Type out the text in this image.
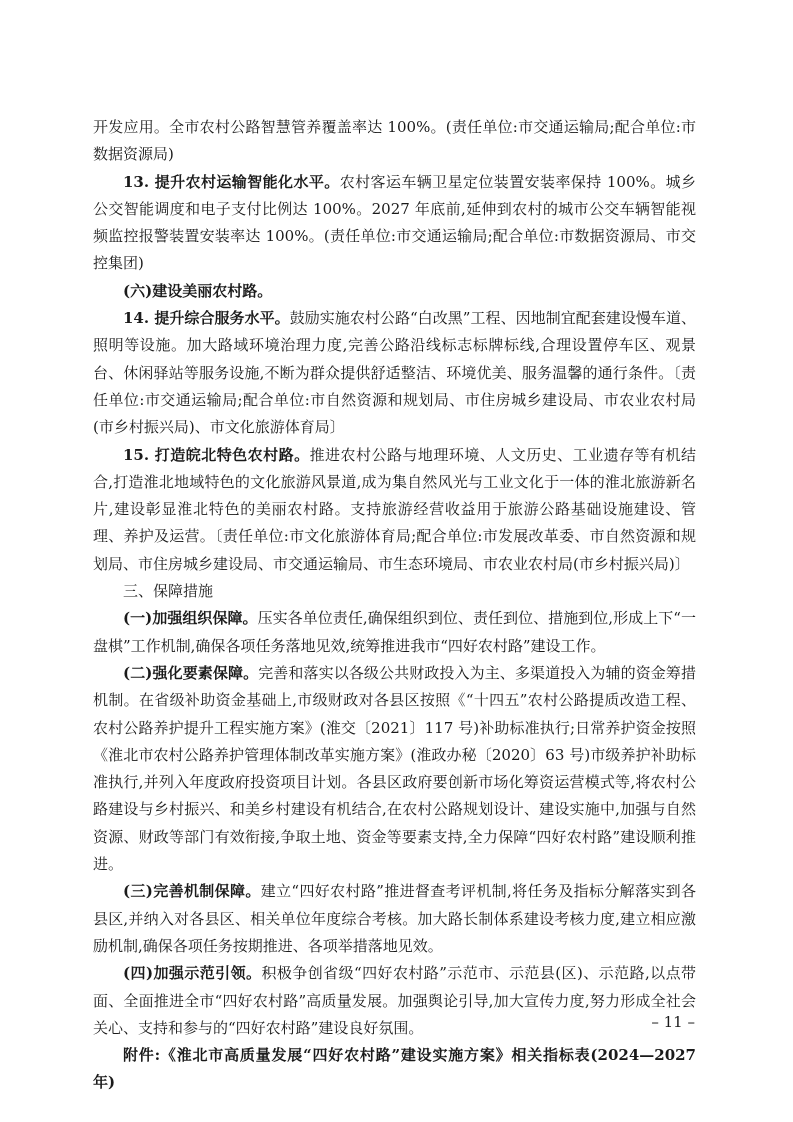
开发应用。全市农村公路智慧管养覆盖率达 100%。(责任单位:市交通运输局;配合单位:市数据资源局)

13. 提升农村运输智能化水平。农村客运车辆卫星定位装置安装率保持 100%。城乡公交智能调度和电子支付比例达 100%。2027 年底前,延伸到农村的城市公交车辆智能视频监控报警装置安装率达 100%。(责任单位:市交通运输局;配合单位:市数据资源局、市交控集团)

(六)建设美丽农村路。

14. 提升综合服务水平。鼓励实施农村公路“白改黑”工程、因地制宜配套建设慢车道、照明等设施。加大路域环境治理力度,完善公路沿线标志标牌标线,合理设置停车区、观景台、休闲驿站等服务设施,不断为群众提供舒适整洁、环境优美、服务温馨的通行条件。〔责任单位:市交通运输局;配合单位:市自然资源和规划局、市住房城乡建设局、市农业农村局(市乡村振兴局)、市文化旅游体育局〕

15. 打造皖北特色农村路。推进农村公路与地理环境、人文历史、工业遗存等有机结合,打造淮北地域特色的文化旅游风景道,成为集自然风光与工业文化于一体的淮北旅游新名片,建设彰显淮北特色的美丽农村路。支持旅游经营收益用于旅游公路基础设施建设、管理、养护及运营。〔责任单位:市文化旅游体育局;配合单位:市发展改革委、市自然资源和规划局、市住房城乡建设局、市交通运输局、市生态环境局、市农业农村局(市乡村振兴局)〕

三、保障措施

(一)加强组织保障。压实各单位责任,确保组织到位、责任到位、措施到位,形成上下“一盘棋”工作机制,确保各项任务落地见效,统筹推进我市“四好农村路”建设工作。

(二)强化要素保障。完善和落实以各级公共财政投入为主、多渠道投入为辅的资金筹措机制。在省级补助资金基础上,市级财政对各县区按照《“十四五”农村公路提质改造工程、农村公路养护提升工程实施方案》(淮交〔2021〕117 号)补助标准执行;日常养护资金按照《淮北市农村公路养护管理体制改革实施方案》(淮政办秘〔2020〕63 号)市级养护补助标准执行,并列入年度政府投资项目计划。各县区政府要创新市场化筹资运营模式等,将农村公路建设与乡村振兴、和美乡村建设有机结合,在农村公路规划设计、建设实施中,加强与自然资源、财政等部门有效衔接,争取土地、资金等要素支持,全力保障“四好农村路”建设顺利推进。

(三)完善机制保障。建立“四好农村路”推进督查考评机制,将任务及指标分解落实到各县区,并纳入对各县区、相关单位年度综合考核。加大路长制体系建设考核力度,建立相应激励机制,确保各项任务按期推进、各项举措落地见效。

(四)加强示范引领。积极争创省级“四好农村路”示范市、示范县(区)、示范路,以点带面、全面推进全市“四好农村路”高质量发展。加强舆论引导,加大宣传力度,努力形成全社会关心、支持和参与的“四好农村路”建设良好氛围。

附件:《淮北市高质量发展“四好农村路”建设实施方案》相关指标表(2024—2027 年)

– 11 –
